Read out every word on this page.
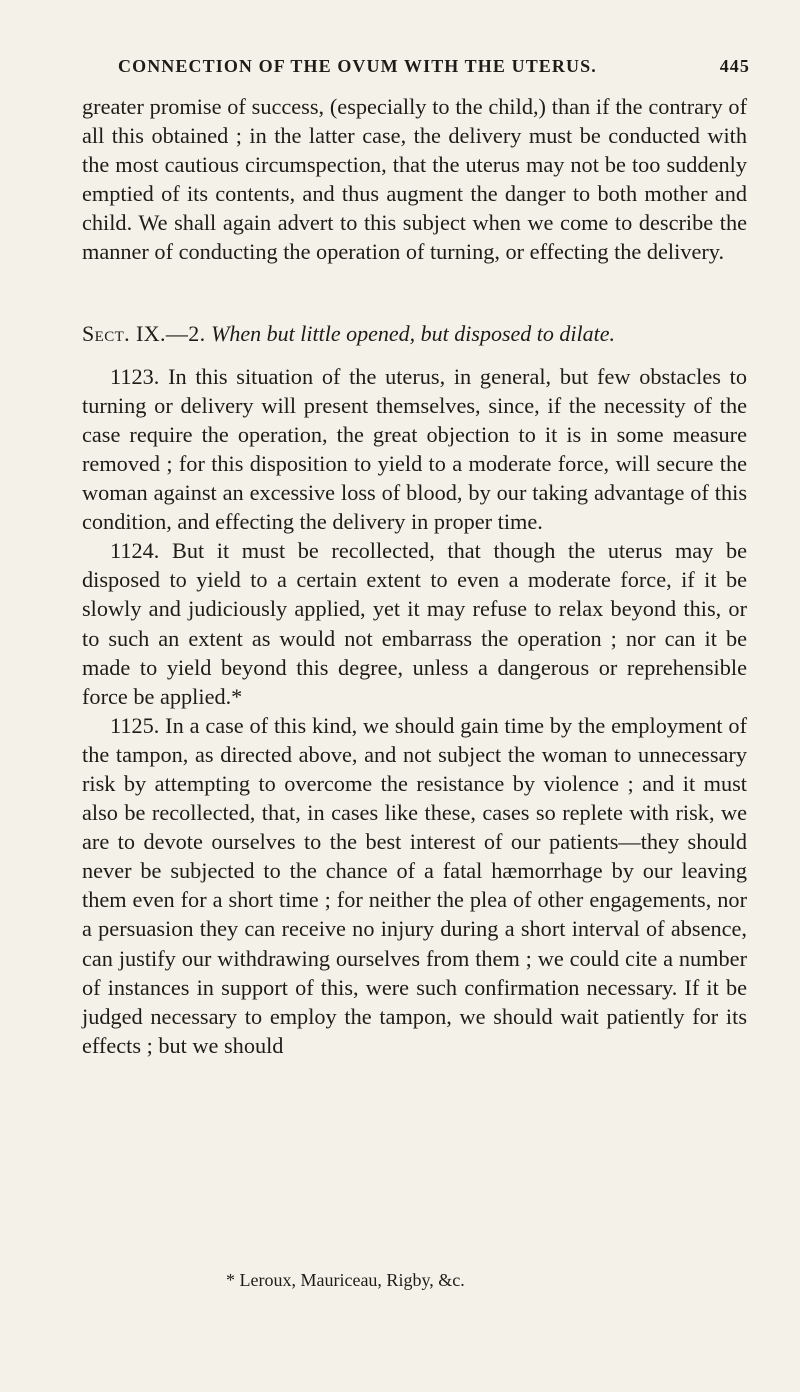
CONNECTION OF THE OVUM WITH THE UTERUS.	445

greater promise of success, (especially to the child,) than if the contrary of all this obtained ; in the latter case, the delivery must be conducted with the most cautious circumspection, that the uterus may not be too suddenly emptied of its contents, and thus augment the danger to both mother and child. We shall again advert to this subject when we come to describe the manner of conducting the operation of turning, or effecting the delivery.

Sect. IX.—2. When but little opened, but disposed to dilate.

1123. In this situation of the uterus, in general, but few obstacles to turning or delivery will present themselves, since, if the necessity of the case require the operation, the great objection to it is in some measure removed ; for this disposition to yield to a moderate force, will secure the woman against an excessive loss of blood, by our taking advantage of this condition, and effecting the delivery in proper time.

1124. But it must be recollected, that though the uterus may be disposed to yield to a certain extent to even a moderate force, if it be slowly and judiciously applied, yet it may refuse to relax beyond this, or to such an extent as would not embarrass the operation ; nor can it be made to yield beyond this degree, unless a dangerous or reprehensible force be applied.*

1125. In a case of this kind, we should gain time by the employment of the tampon, as directed above, and not subject the woman to unnecessary risk by attempting to overcome the resistance by violence ; and it must also be recollected, that, in cases like these, cases so replete with risk, we are to devote ourselves to the best interest of our patients—they should never be subjected to the chance of a fatal hæmorrhage by our leaving them even for a short time ; for neither the plea of other engagements, nor a persuasion they can receive no injury during a short interval of absence, can justify our withdrawing ourselves from them ; we could cite a number of instances in support of this, were such confirmation necessary. If it be judged necessary to employ the tampon, we should wait patiently for its effects ; but we should

* Leroux, Mauriceau, Rigby, &c.
